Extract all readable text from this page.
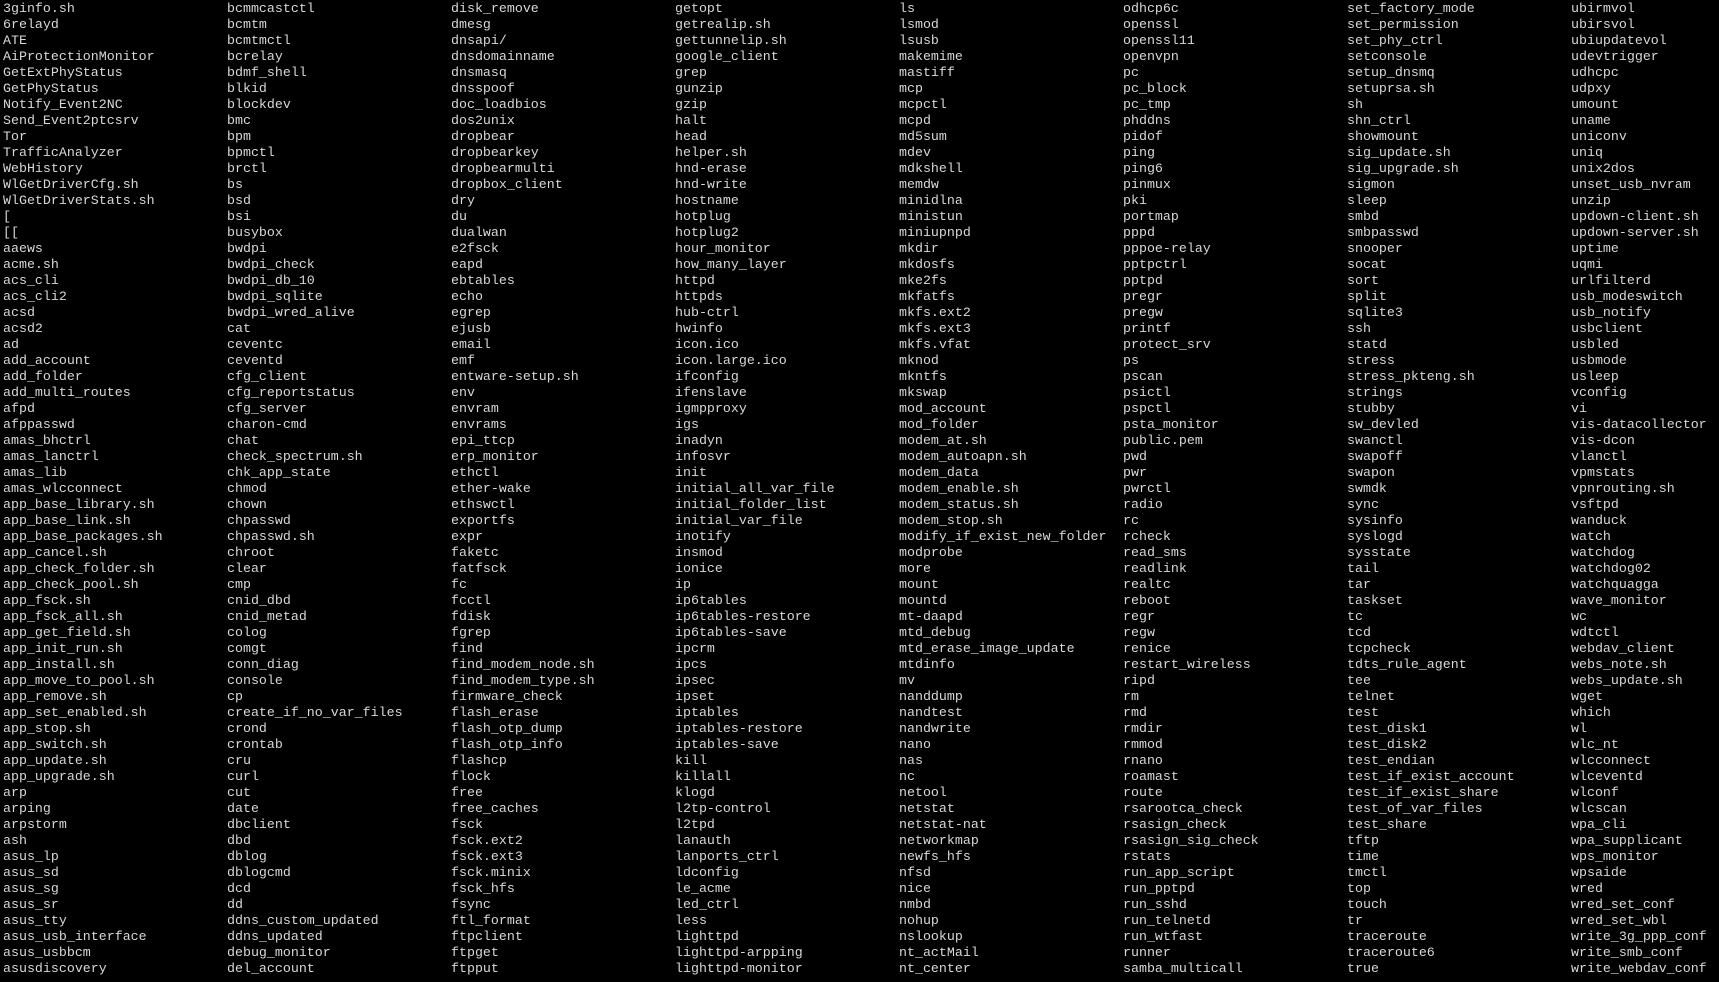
3ginfo.sh
6relayd
ATE
AiProtectionMonitor
GetExtPhyStatus
GetPhyStatus
Notify_Event2NC
Send_Event2ptcsrv
Tor
TrafficAnalyzer
WebHistory
WlGetDriverCfg.sh
WlGetDriverStats.sh
[
[[
aaews
acme.sh
acs_cli
acs_cli2
acsd
acsd2
ad
add_account
add_folder
add_multi_routes
afpd
afppasswd
amas_bhctrl
amas_lanctrl
amas_lib
amas_wlcconnect
app_base_library.sh
app_base_link.sh
app_base_packages.sh
app_cancel.sh
app_check_folder.sh
app_check_pool.sh
app_fsck.sh
app_fsck_all.sh
app_get_field.sh
app_init_run.sh
app_install.sh
app_move_to_pool.sh
app_remove.sh
app_set_enabled.sh
app_stop.sh
app_switch.sh
app_update.sh
app_upgrade.sh
arp
arping
arpstorm
ash
asus_lp
asus_sd
asus_sg
asus_sr
asus_tty
asus_usb_interface
asus_usbbcm
asusdiscovery
bcmmcastctl
bcmtm
bcmtmctl
bcrelay
bdmf_shell
blkid
blockdev
bmc
bpm
bpmctl
brctl
bs
bsd
bsi
busybox
bwdpi
bwdpi_check
bwdpi_db_10
bwdpi_sqlite
bwdpi_wred_alive
cat
ceventc
ceventd
cfg_client
cfg_reportstatus
cfg_server
charon-cmd
chat
check_spectrum.sh
chk_app_state
chmod
chown
chpasswd
chpasswd.sh
chroot
clear
cmp
cnid_dbd
cnid_metad
colog
comgt
conn_diag
console
cp
create_if_no_var_files
crond
crontab
cru
curl
cut
date
dbclient
dbd
dblog
dblogcmd
dcd
dd
ddns_custom_updated
ddns_updated
debug_monitor
del_account
disk_remove
dmesg
dnsapi/
dnsdomainname
dnsmasq
dnsspoof
doc_loadbios
dos2unix
dropbear
dropbearkey
dropbearmulti
dropbox_client
dry
du
dualwan
e2fsck
eapd
ebtables
echo
egrep
ejusb
email
emf
entware-setup.sh
env
envram
envrams
epi_ttcp
erp_monitor
ethctl
ether-wake
ethswctl
exportfs
expr
faketc
fatfsck
fc
fcctl
fdisk
fgrep
find
find_modem_node.sh
find_modem_type.sh
firmware_check
flash_erase
flash_otp_dump
flash_otp_info
flashcp
flock
free
free_caches
fsck
fsck.ext2
fsck.ext3
fsck.minix
fsck_hfs
fsync
ftl_format
ftpclient
ftpget
ftpput
getopt
getrealip.sh
gettunnelip.sh
google_client
grep
gunzip
gzip
halt
head
helper.sh
hnd-erase
hnd-write
hostname
hotplug
hotplug2
hour_monitor
how_many_layer
httpd
httpds
hub-ctrl
hwinfo
icon.ico
icon.large.ico
ifconfig
ifenslave
igmpproxy
igs
inadyn
infosvr
init
initial_all_var_file
initial_folder_list
initial_var_file
inotify
insmod
ionice
ip
ip6tables
ip6tables-restore
ip6tables-save
ipcrm
ipcs
ipsec
ipset
iptables
iptables-restore
iptables-save
kill
killall
klogd
l2tp-control
l2tpd
lanauth
lanports_ctrl
ldconfig
le_acme
led_ctrl
less
lighttpd
lighttpd-arpping
lighttpd-monitor
ls
lsmod
lsusb
makemime
mastiff
mcp
mcpctl
mcpd
md5sum
mdev
mdkshell
memdw
minidlna
ministun
miniupnpd
mkdir
mkdosfs
mke2fs
mkfatfs
mkfs.ext2
mkfs.ext3
mkfs.vfat
mknod
mkntfs
mkswap
mod_account
mod_folder
modem_at.sh
modem_autoapn.sh
modem_data
modem_enable.sh
modem_status.sh
modem_stop.sh
modify_if_exist_new_folder
modprobe
more
mount
mountd
mt-daapd
mtd_debug
mtd_erase_image_update
mtdinfo
mv
nanddump
nandtest
nandwrite
nano
nas
nc
netool
netstat
netstat-nat
networkmap
newfs_hfs
nfsd
nice
nmbd
nohup
nslookup
nt_actMail
nt_center
odhcp6c
openssl
openssl11
openvpn
pc
pc_block
pc_tmp
phddns
pidof
ping
ping6
pinmux
pki
portmap
pppd
pppoe-relay
pptpctrl
pptpd
pregr
pregw
printf
protect_srv
ps
pscan
psictl
pspctl
psta_monitor
public.pem
pwd
pwr
pwrctl
radio
rc
rcheck
read_sms
readlink
realtc
reboot
regr
regw
renice
restart_wireless
ripd
rm
rmd
rmdir
rmmod
rnano
roamast
route
rsarootca_check
rsasign_check
rsasign_sig_check
rstats
run_app_script
run_pptpd
run_sshd
run_telnetd
run_wtfast
runner
samba_multicall
set_factory_mode
set_permission
set_phy_ctrl
setconsole
setup_dnsmq
setuprsa.sh
sh
shn_ctrl
showmount
sig_update.sh
sig_upgrade.sh
sigmon
sleep
smbd
smbpasswd
snooper
socat
sort
split
sqlite3
ssh
statd
stress
stress_pkteng.sh
strings
stubby
sw_devled
swanctl
swapoff
swapon
swmdk
sync
sysinfo
syslogd
sysstate
tail
tar
taskset
tc
tcd
tcpcheck
tdts_rule_agent
tee
telnet
test
test_disk1
test_disk2
test_endian
test_if_exist_account
test_if_exist_share
test_of_var_files
test_share
tftp
time
tmctl
top
touch
tr
traceroute
traceroute6
true
ubirmvol
ubirsvol
ubiupdatevol
udevtrigger
udhcpc
udpxy
umount
uname
uniconv
uniq
unix2dos
unset_usb_nvram
unzip
updown-client.sh
updown-server.sh
uptime
uqmi
urlfilterd
usb_modeswitch
usb_notify
usbclient
usbled
usbmode
usleep
vconfig
vi
vis-datacollector
vis-dcon
vlanctl
vpmstats
vpnrouting.sh
vsftpd
wanduck
watch
watchdog
watchdog02
watchquagga
wave_monitor
wc
wdtctl
webdav_client
webs_note.sh
webs_update.sh
wget
which
wl
wlc_nt
wlcconnect
wlceventd
wlconf
wlcscan
wpa_cli
wpa_supplicant
wps_monitor
wpsaide
wred
wred_set_conf
wred_set_wbl
write_3g_ppp_conf
write_smb_conf
write_webdav_conf
